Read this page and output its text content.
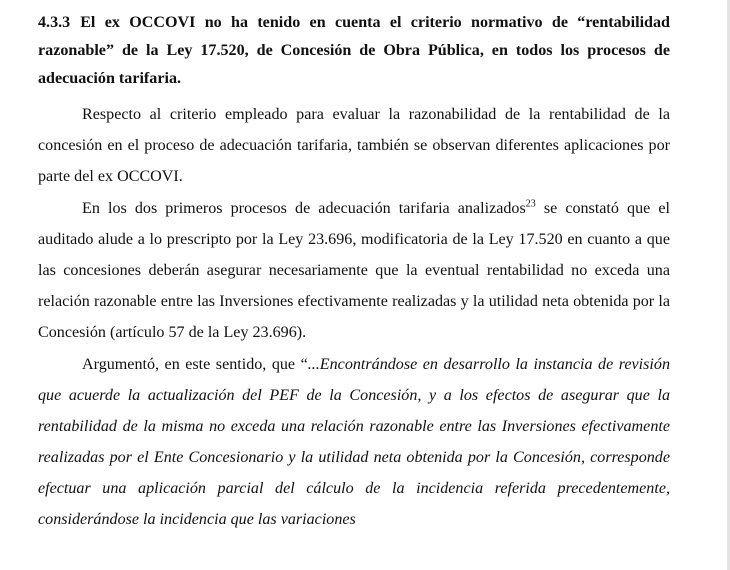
4.3.3 El ex OCCOVI no ha tenido en cuenta el criterio normativo de “rentabilidad razonable” de la Ley 17.520, de Concesión de Obra Pública, en todos los procesos de adecuación tarifaria.

Respecto al criterio empleado para evaluar la razonabilidad de la rentabilidad de la concesión en el proceso de adecuación tarifaria, también se observan diferentes aplicaciones por parte del ex OCCOVI.

En los dos primeros procesos de adecuación tarifaria analizados$^{23}$ se constató que el auditado alude a lo prescripto por la Ley 23.696, modificatoria de la Ley 17.520 en cuanto a que las concesiones deberán asegurar necesariamente que la eventual rentabilidad no exceda una relación razonable entre las Inversiones efectivamente realizadas y la utilidad neta obtenida por la Concesión (artículo 57 de la Ley 23.696).

Argumentó, en este sentido, que “...Encontrándose en desarrollo la instancia de revisión que acuerde la actualización del PEF de la Concesión, y a los efectos de asegurar que la rentabilidad de la misma no exceda una relación razonable entre las Inversiones efectivamente realizadas por el Ente Concesionario y la utilidad neta obtenida por la Concesión, corresponde efectuar una aplicación parcial del cálculo de la incidencia referida precedentemente, considerándose la incidencia que las variaciones
